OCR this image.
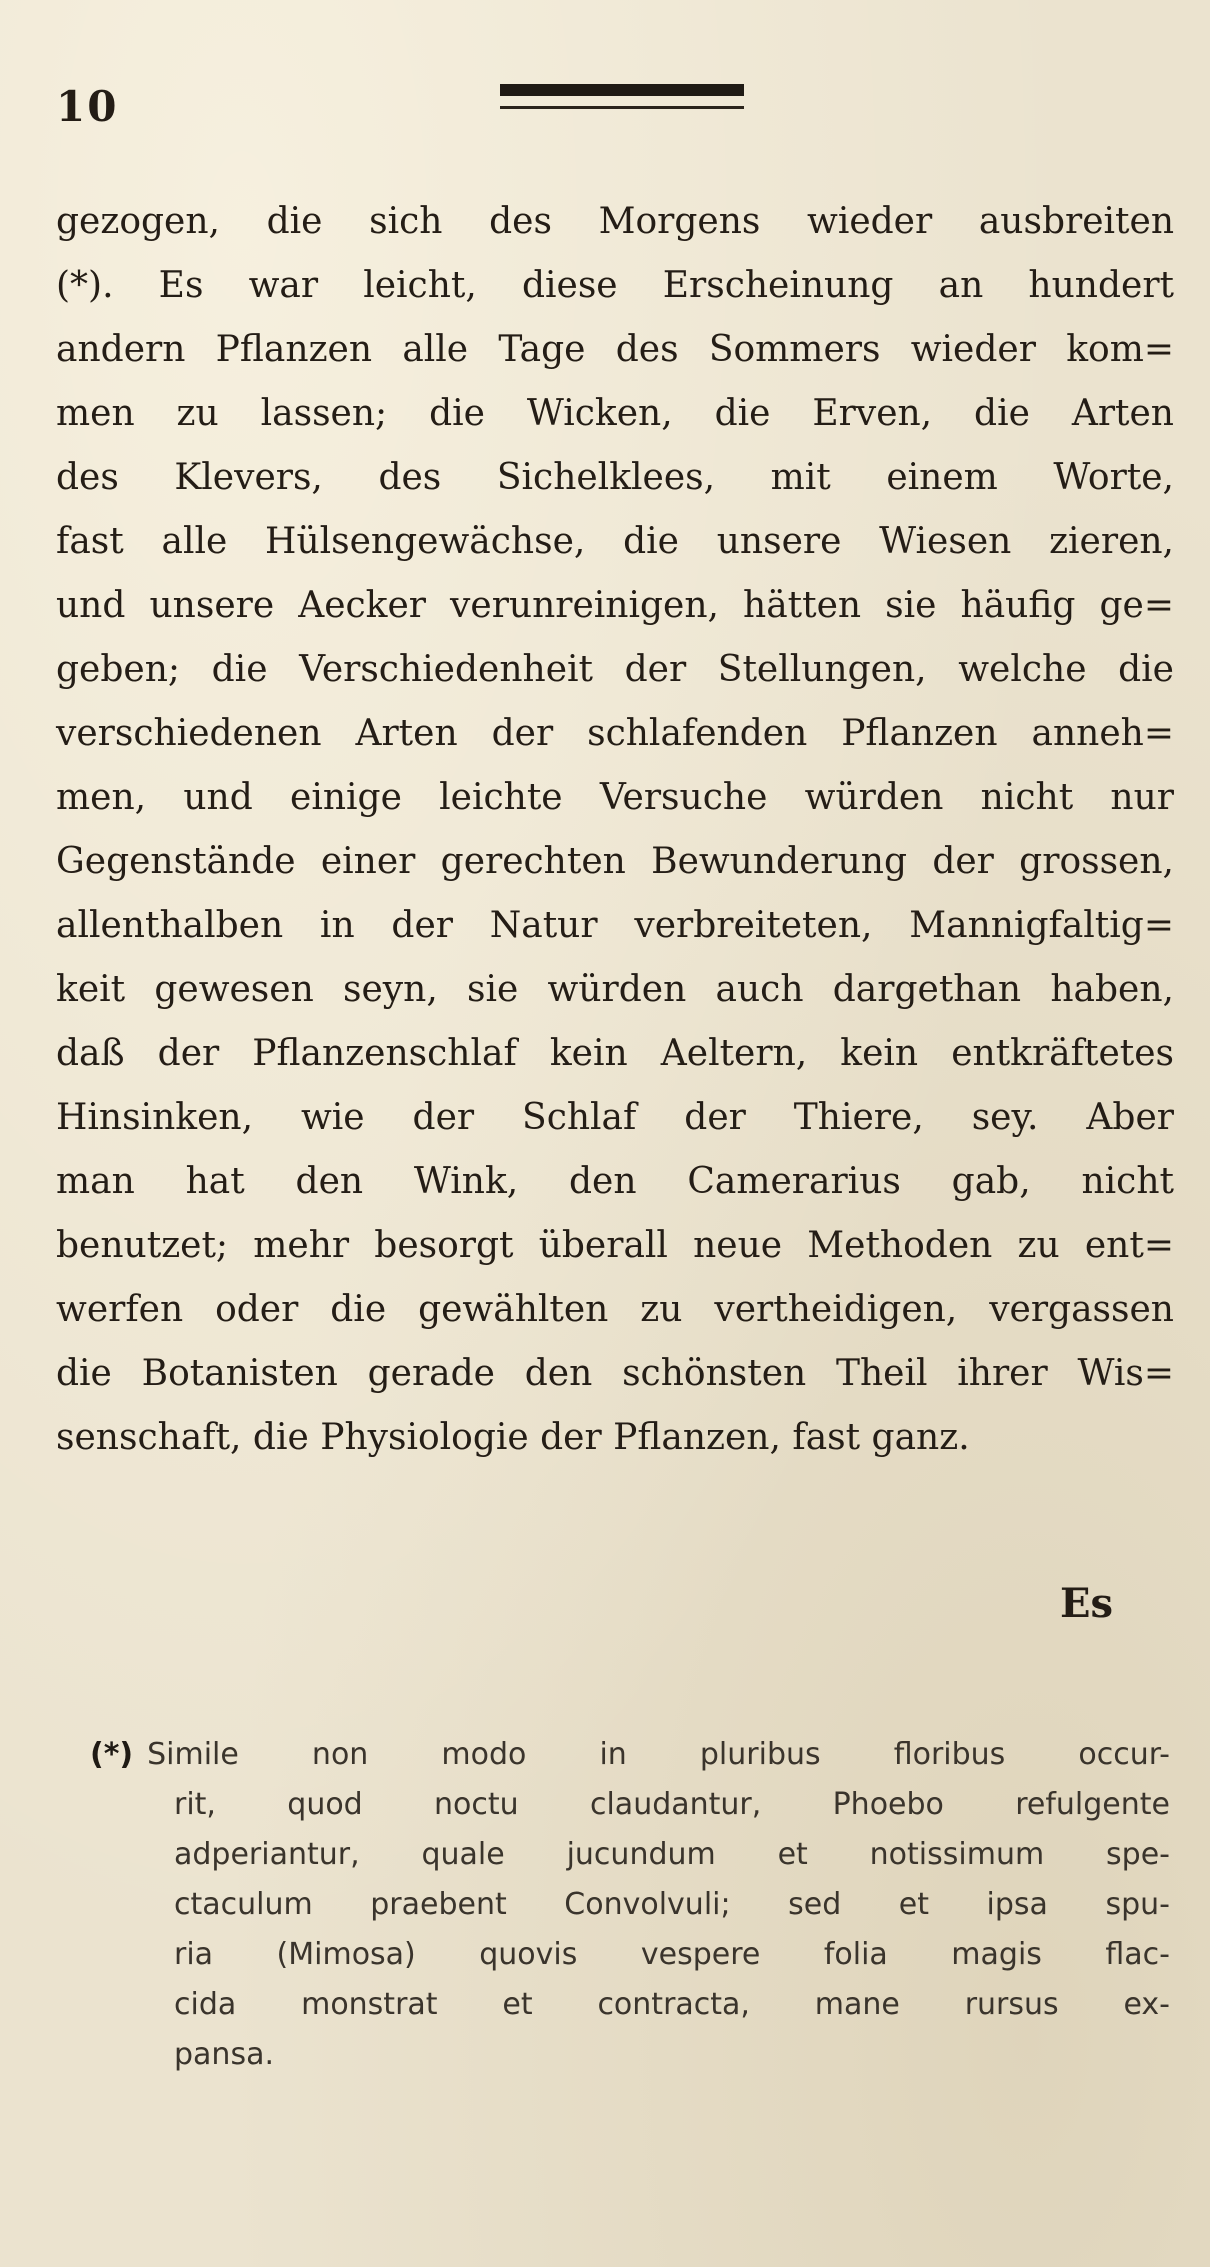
10
gezogen, die sich des Morgens wieder ausbreiten
(*). Es war leicht, diese Erscheinung an hundert
andern Pflanzen alle Tage des Sommers wieder kom=
men zu lassen; die Wicken, die Erven, die Arten
des Klevers, des Sichelklees, mit einem Worte,
fast alle Hülsengewächse, die unsere Wiesen zieren,
und unsere Aecker verunreinigen, hätten sie häufig ge=
geben; die Verschiedenheit der Stellungen, welche die
verschiedenen Arten der schlafenden Pflanzen anneh=
men, und einige leichte Versuche würden nicht nur
Gegenstände einer gerechten Bewunderung der grossen,
allenthalben in der Natur verbreiteten, Mannigfaltig=
keit gewesen seyn, sie würden auch dargethan haben,
daß der Pflanzenschlaf kein Aeltern, kein entkräftetes
Hinsinken, wie der Schlaf der Thiere, sey. Aber
man hat den Wink, den Camerarius gab, nicht
benutzet; mehr besorgt überall neue Methoden zu ent=
werfen oder die gewählten zu vertheidigen, vergassen
die Botanisten gerade den schönsten Theil ihrer Wis=
senschaft, die Physiologie der Pflanzen, fast ganz.
Es
(*) Simile non modo in pluribus floribus occur-
rit, quod noctu claudantur, Phoebo refulgente
adperiantur, quale jucundum et notissimum spe-
ctaculum praebent Convolvuli; sed et ipsa spu-
ria (Mimosa) quovis vespere folia magis flac-
cida monstrat et contracta, mane rursus ex-
pansa.
